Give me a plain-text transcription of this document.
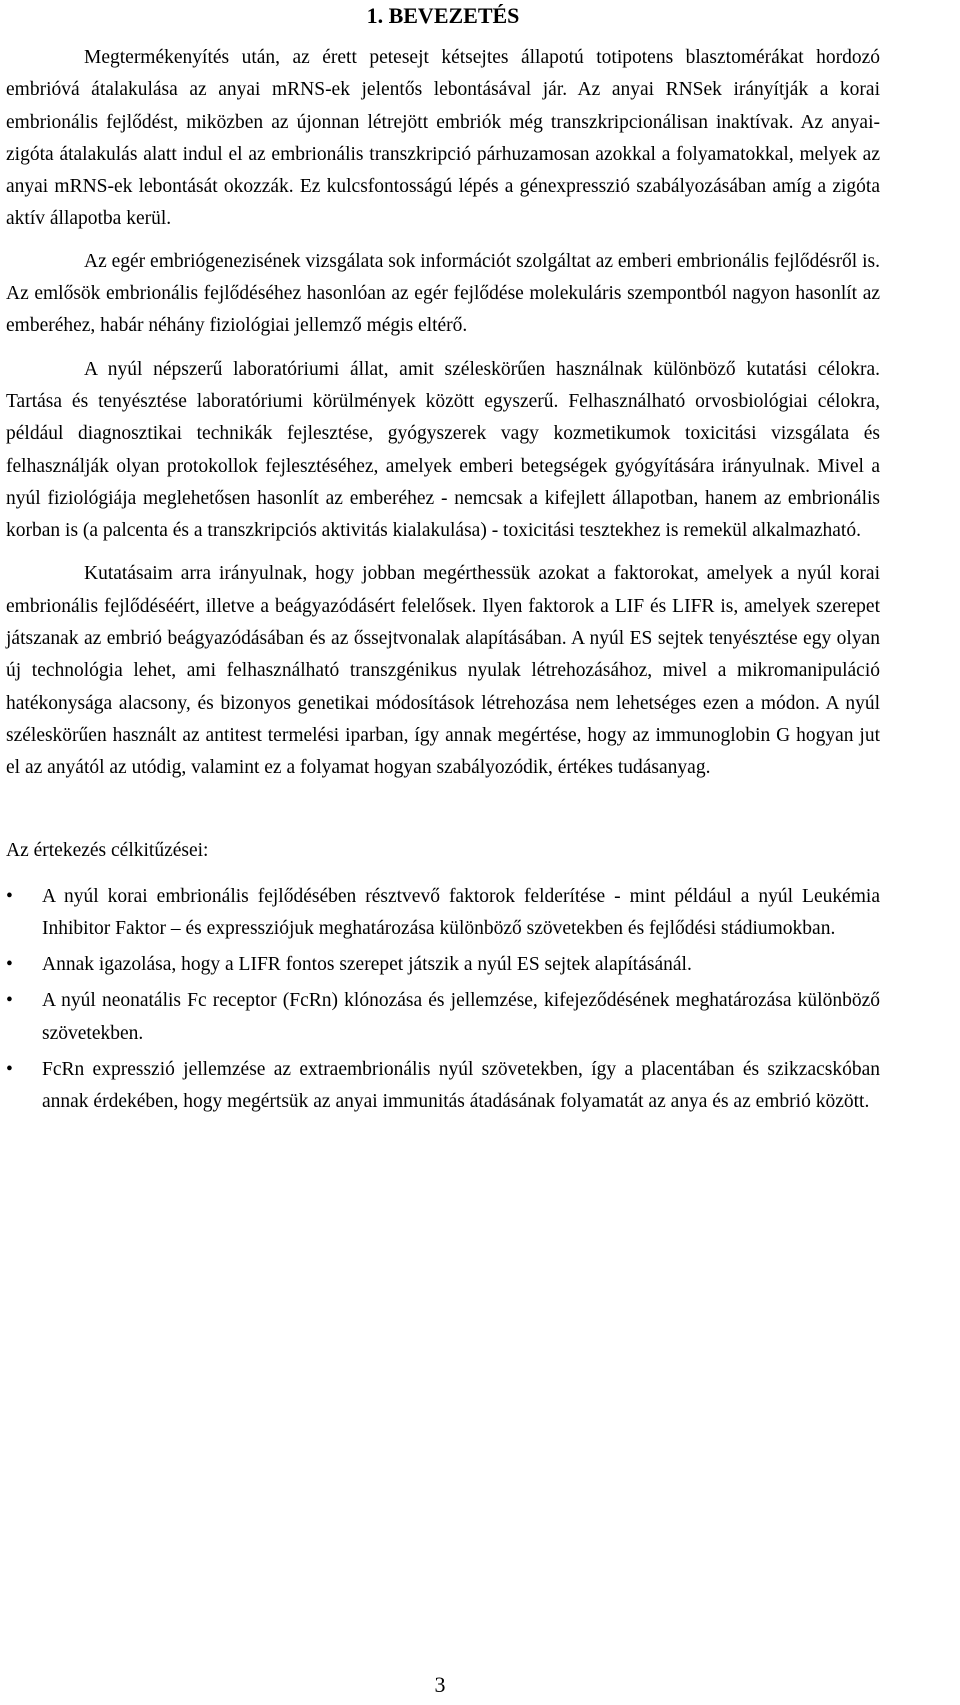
1. BEVEZETÉS

Megtermékenyítés után, az érett petesejt kétsejtes állapotú totipotens blasztomérákat hordozó embrióvá átalakulása az anyai mRNS-ek jelentős lebontásával jár. Az anyai RNSek irányítják a korai embrionális fejlődést, miközben az újonnan létrejött embriók még transzkripcionálisan inaktívak. Az anyai-zigóta átalakulás alatt indul el az embrionális transzkripció párhuzamosan azokkal a folyamatokkal, melyek az anyai mRNS-ek lebontását okozzák. Ez kulcsfontosságú lépés a génexpresszió szabályozásában amíg a zigóta aktív állapotba kerül.

Az egér embriógenezisének vizsgálata sok információt szolgáltat az emberi embrionális fejlődésről is. Az emlősök embrionális fejlődéséhez hasonlóan az egér fejlődése molekuláris szempontból nagyon hasonlít az emberéhez, habár néhány fiziológiai jellemző mégis eltérő.

A nyúl népszerű laboratóriumi állat, amit széleskörűen használnak különböző kutatási célokra. Tartása és tenyésztése laboratóriumi körülmények között egyszerű. Felhasználható orvosbiológiai célokra, például diagnosztikai technikák fejlesztése, gyógyszerek vagy kozmetikumok toxicitási vizsgálata és felhasználják olyan protokollok fejlesztéséhez, amelyek emberi betegségek gyógyítására irányulnak. Mivel a nyúl fiziológiája meglehetősen hasonlít az emberéhez - nemcsak a kifejlett állapotban, hanem az embrionális korban is (a palcenta és a transzkripciós aktivitás kialakulása) - toxicitási tesztekhez is remekül alkalmazható.

Kutatásaim arra irányulnak, hogy jobban megérthessük azokat a faktorokat, amelyek a nyúl korai embrionális fejlődéséért, illetve a beágyazódásért felelősek. Ilyen faktorok a LIF és LIFR is, amelyek szerepet játszanak az embrió beágyazódásában és az őssejtvonalak alapításában. A nyúl ES sejtek tenyésztése egy olyan új technológia lehet, ami felhasználható transzgénikus nyulak létrehozásához, mivel a mikromanipuláció hatékonysága alacsony, és bizonyos genetikai módosítások létrehozása nem lehetséges ezen a módon. A nyúl széleskörűen használt az antitest termelési iparban, így annak megértése, hogy az immunoglobin G hogyan jut el az anyától az utódig, valamint ez a folyamat hogyan szabályozódik, értékes tudásanyag.

Az értekezés célkitűzései:
• A nyúl korai embrionális fejlődésében résztvevő faktorok felderítése - mint például a nyúl Leukémia Inhibitor Faktor – és expressziójuk meghatározása különböző szövetekben és fejlődési stádiumokban.
• Annak igazolása, hogy a LIFR fontos szerepet játszik a nyúl ES sejtek alapításánál.
• A nyúl neonatális Fc receptor (FcRn) klónozása és jellemzése, kifejeződésének meghatározása különböző szövetekben.
• FcRn expresszió jellemzése az extraembrionális nyúl szövetekben, így a placentában és szikzacskóban annak érdekében, hogy megértsük az anyai immunitás átadásának folyamatát az anya és az embrió között.
3
